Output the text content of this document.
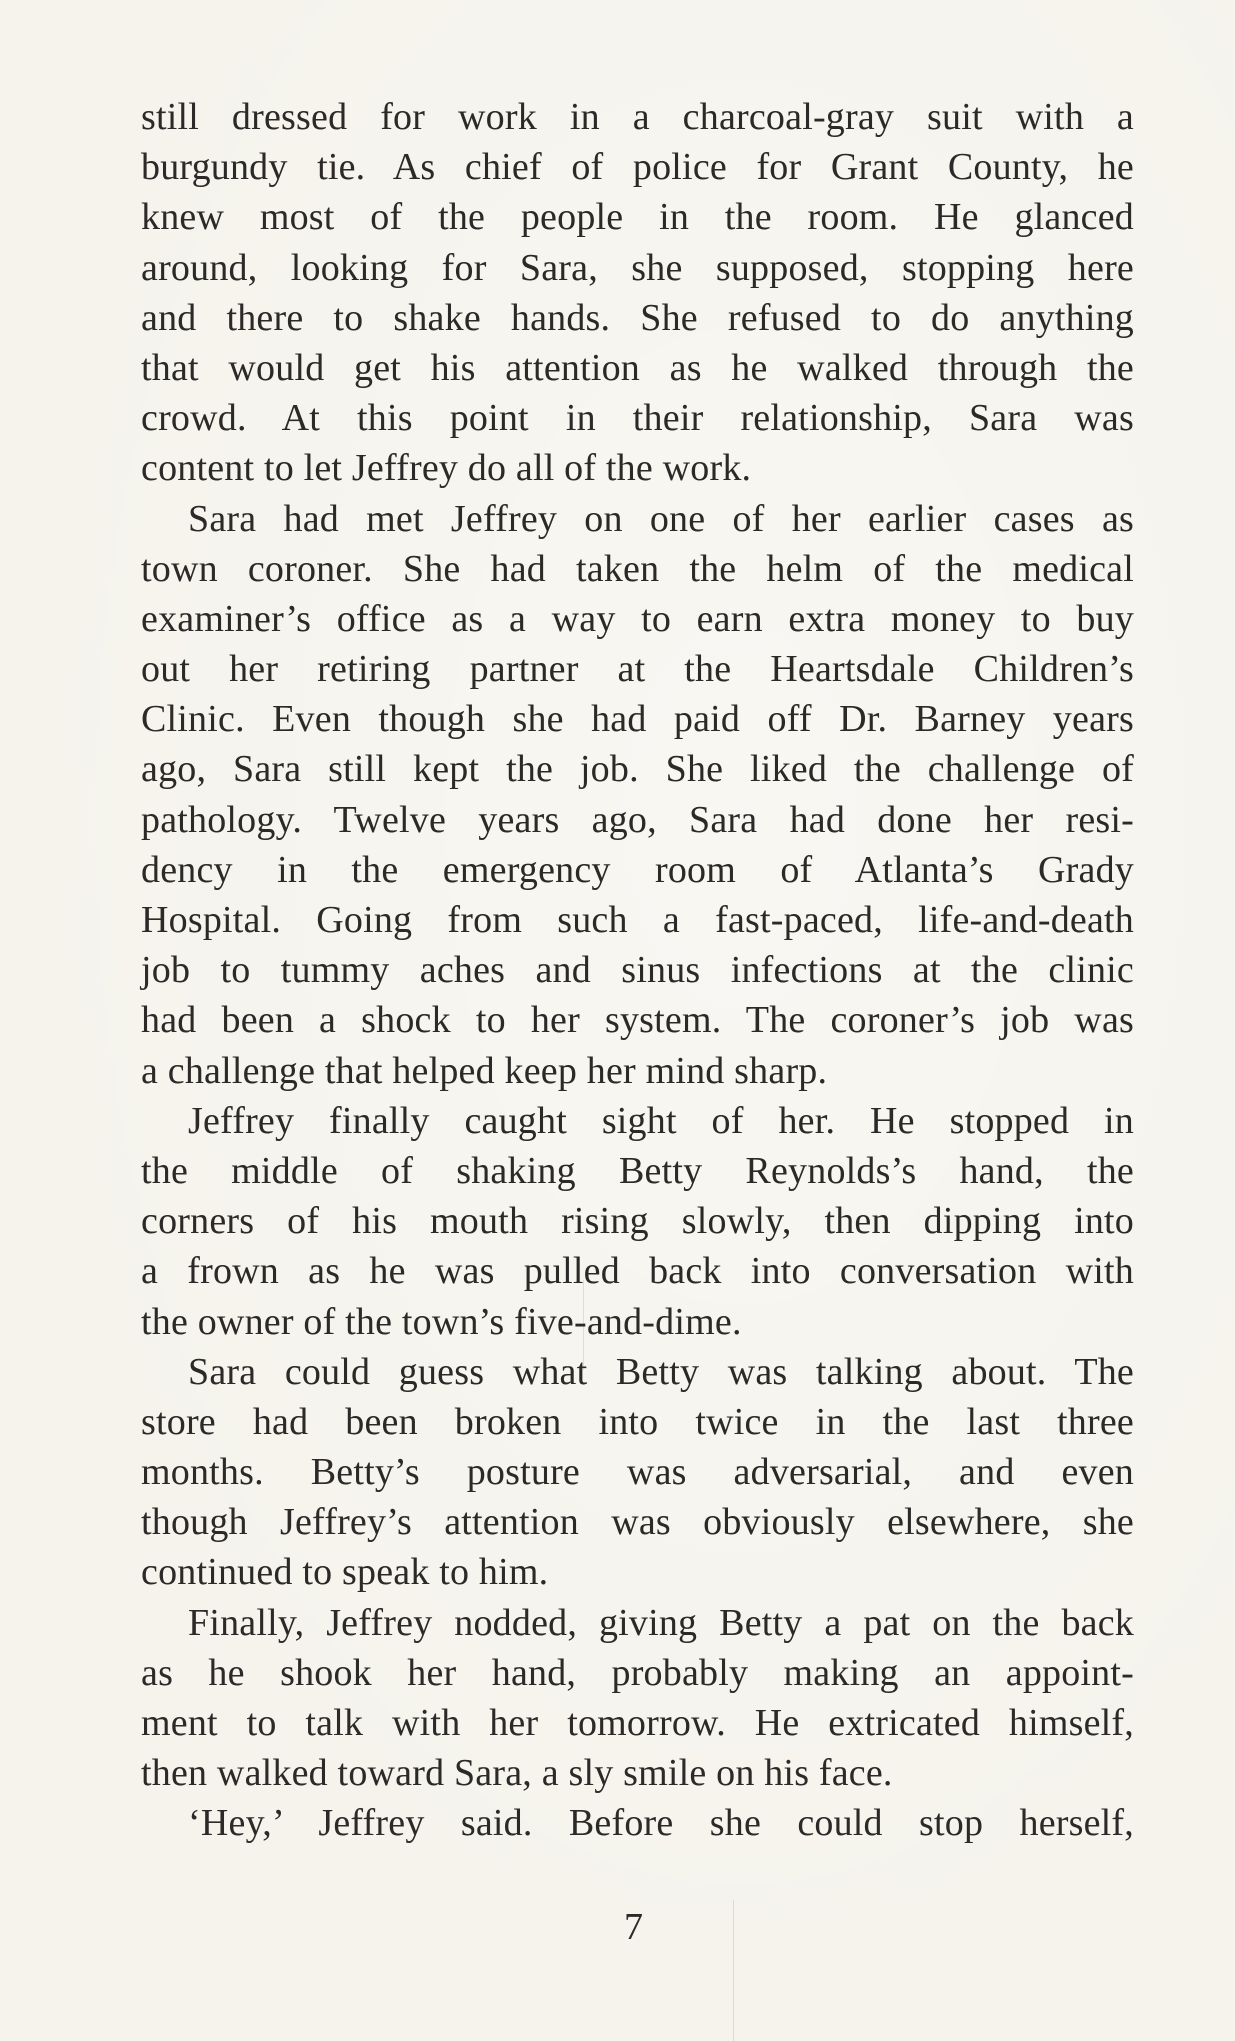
still dressed for work in a charcoal-gray suit with a
burgundy tie. As chief of police for Grant County, he
knew most of the people in the room. He glanced
around, looking for Sara, she supposed, stopping here
and there to shake hands. She refused to do anything
that would get his attention as he walked through the
crowd. At this point in their relationship, Sara was
content to let Jeffrey do all of the work.
Sara had met Jeffrey on one of her earlier cases as
town coroner. She had taken the helm of the medical
examiner’s office as a way to earn extra money to buy
out her retiring partner at the Heartsdale Children’s
Clinic. Even though she had paid off Dr. Barney years
ago, Sara still kept the job. She liked the challenge of
pathology. Twelve years ago, Sara had done her resi-
dency in the emergency room of Atlanta’s Grady
Hospital. Going from such a fast-paced, life-and-death
job to tummy aches and sinus infections at the clinic
had been a shock to her system. The coroner’s job was
a challenge that helped keep her mind sharp.
Jeffrey finally caught sight of her. He stopped in
the middle of shaking Betty Reynolds’s hand, the
corners of his mouth rising slowly, then dipping into
a frown as he was pulled back into conversation with
the owner of the town’s five-and-dime.
Sara could guess what Betty was talking about. The
store had been broken into twice in the last three
months. Betty’s posture was adversarial, and even
though Jeffrey’s attention was obviously elsewhere, she
continued to speak to him.
Finally, Jeffrey nodded, giving Betty a pat on the back
as he shook her hand, probably making an appoint-
ment to talk with her tomorrow. He extricated himself,
then walked toward Sara, a sly smile on his face.
‘Hey,’ Jeffrey said. Before she could stop herself,
7
